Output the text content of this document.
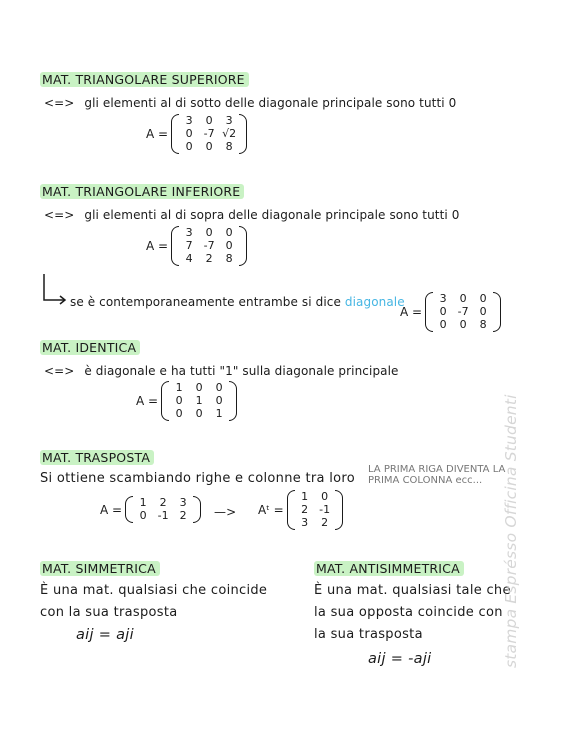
MAT. TRIANGOLARE SUPERIORE
<=> gli elementi al di sotto delle diagonale principale sono tutti 0
A =
3	0	3
0	-7 √2
0	0	8
MAT. TRIANGOLARE INFERIORE
<=> gli elementi al di sopra delle diagonale principale sono tutti 0
A =
3	0	0
7	-7	0
4	2	8
se è contemporaneamente entrambe si dice diagonale
A =
3	0	0
0	-7	0
0	0	8
MAT. IDENTICA
<=> è diagonale e ha tutti "1" sulla diagonale principale
A =
1	0	0
0	1	0
0	0	1
MAT. TRASPOSTA
Si ottiene scambiando righe e colonne tra loro
LA PRIMA RIGA DIVENTA LA
PRIMA COLONNA ecc...
A =	1	2	3
0	-1	2	—> Aᵗ =
1	0
2	-1
3	2
MAT. SIMMETRICA
È una mat. qualsiasi che coincide
con la sua trasposta
aij = aji
MAT. ANTISIMMETRICA
È una mat. qualsiasi tale che
la sua opposta coincide con
la sua trasposta
aij = -aji	stampa Esprésso Officina Studenti
